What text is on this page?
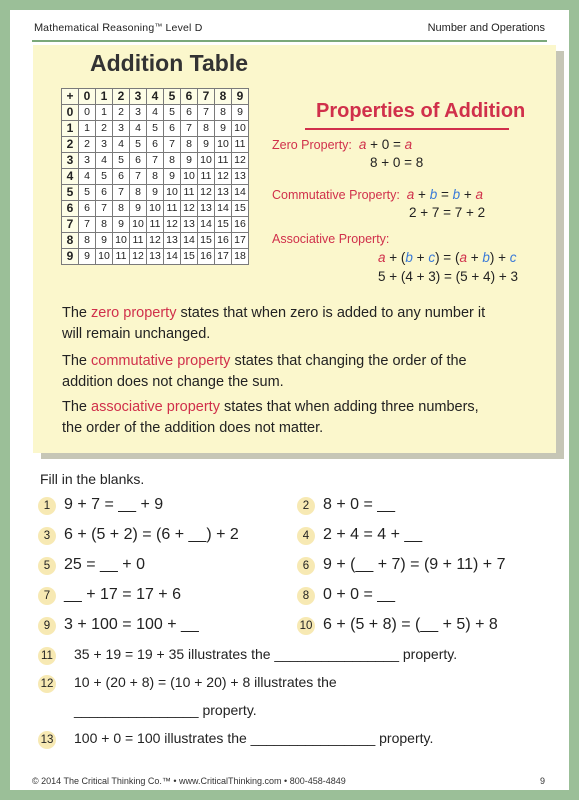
Mathematical Reasoning™ Level D	Number and Operations
Addition Table
+	0	1	2	3	4	5	6	7	8	9
0	0	1	2	3	4	5	6	7	8	9
1	1	2	3	4	5	6	7	8	9	10
2	2	3	4	5	6	7	8	9	10	11
3	3	4	5	6	7	8	9	10	11	12
4	4	5	6	7	8	9	10	11	12	13
5	5	6	7	8	9	10	11	12	13	14
6	6	7	8	9	10	11	12	13	14	15
7	7	8	9	10	11	12	13	14	15	16
8	8	9	10	11	12	13	14	15	16	17
9	9	10	11	12	13	14	15	16	17	18
Properties of Addition
Zero Property: a + 0 = a
8 + 0 = 8
Commutative Property: a + b = b + a
2 + 7 = 7 + 2
Associative Property:
a + (b + c) = (a + b) + c
5 + (4 + 3) = (5 + 4) + 3
The zero property states that when zero is added to any number it will remain unchanged.
The commutative property states that changing the order of the addition does not change the sum.
The associative property states that when adding three numbers, the order of the addition does not matter.
Fill in the blanks.
1 9 + 7 = __ + 9	2 8 + 0 = __
3 6 + (5 + 2) = (6 + __) + 2	4 2 + 4 = 4 + __
5 25 = __ + 0	6 9 + (__ + 7) = (9 + 11) + 7
7 __ + 17 = 17 + 6	8 0 + 0 = __
9 3 + 100 = 100 + __	10 6 + (5 + 8) = (__ + 5) + 8
11 35 + 19 = 19 + 35 illustrates the ________________ property.
12 10 + (20 + 8) = (10 + 20) + 8 illustrates the
________________ property.
13 100 + 0 = 100 illustrates the ________________ property.
© 2014 The Critical Thinking Co.™ • www.CriticalThinking.com • 800-458-4849	9
